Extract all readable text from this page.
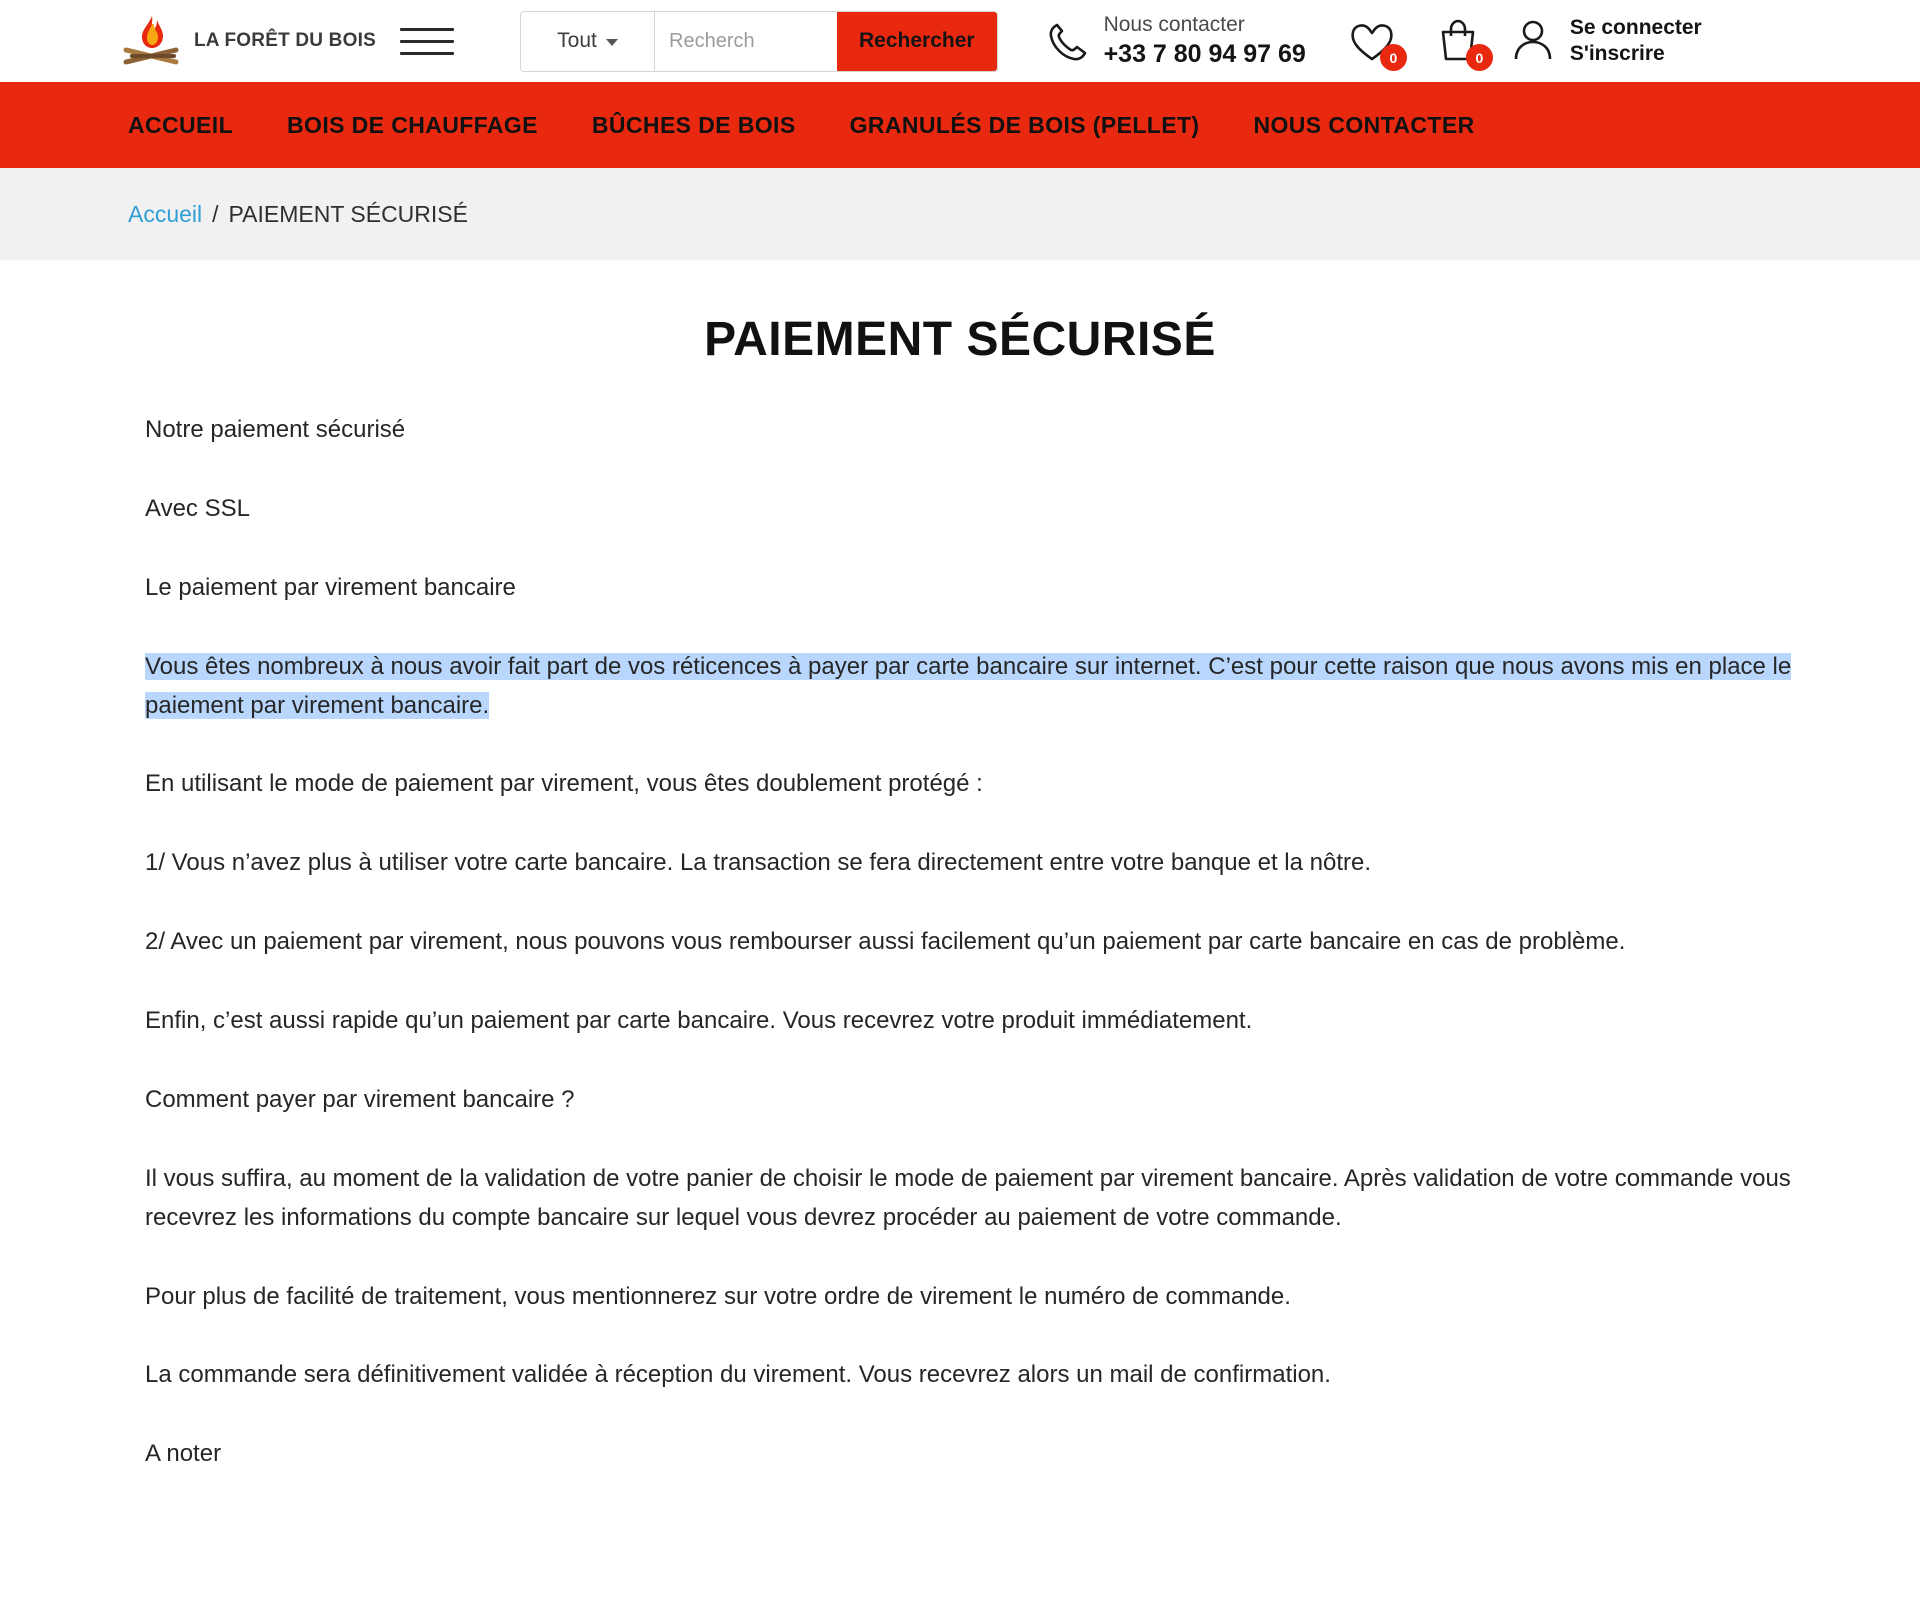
LA FORÊT DU BOIS	Tout
Recherch	Rechercher
Nous contacter
+33 7 80 94 97 69	0	0
Se connecter
S'inscrire
ACCUEIL BOIS DE CHAUFFAGE BÛCHES DE BOIS GRANULÉS DE BOIS (PELLET) NOUS CONTACTER
Accueil / PAIEMENT SÉCURISÉ
PAIEMENT SÉCURISÉ

Notre paiement sécurisé

Avec SSL

Le paiement par virement bancaire

Vous êtes nombreux à nous avoir fait part de vos réticences à payer par carte bancaire sur internet. C’est pour cette raison que nous avons mis en place le paiement par virement bancaire.

En utilisant le mode de paiement par virement, vous êtes doublement protégé :

1/ Vous n’avez plus à utiliser votre carte bancaire. La transaction se fera directement entre votre banque et la nôtre.

2/ Avec un paiement par virement, nous pouvons vous rembourser aussi facilement qu’un paiement par carte bancaire en cas de problème.

Enfin, c’est aussi rapide qu’un paiement par carte bancaire. Vous recevrez votre produit immédiatement.

Comment payer par virement bancaire ?

Il vous suffira, au moment de la validation de votre panier de choisir le mode de paiement par virement bancaire. Après validation de votre commande vous recevrez les informations du compte bancaire sur lequel vous devrez procéder au paiement de votre commande.

Pour plus de facilité de traitement, vous mentionnerez sur votre ordre de virement le numéro de commande.

La commande sera définitivement validée à réception du virement. Vous recevrez alors un mail de confirmation.

A noter
